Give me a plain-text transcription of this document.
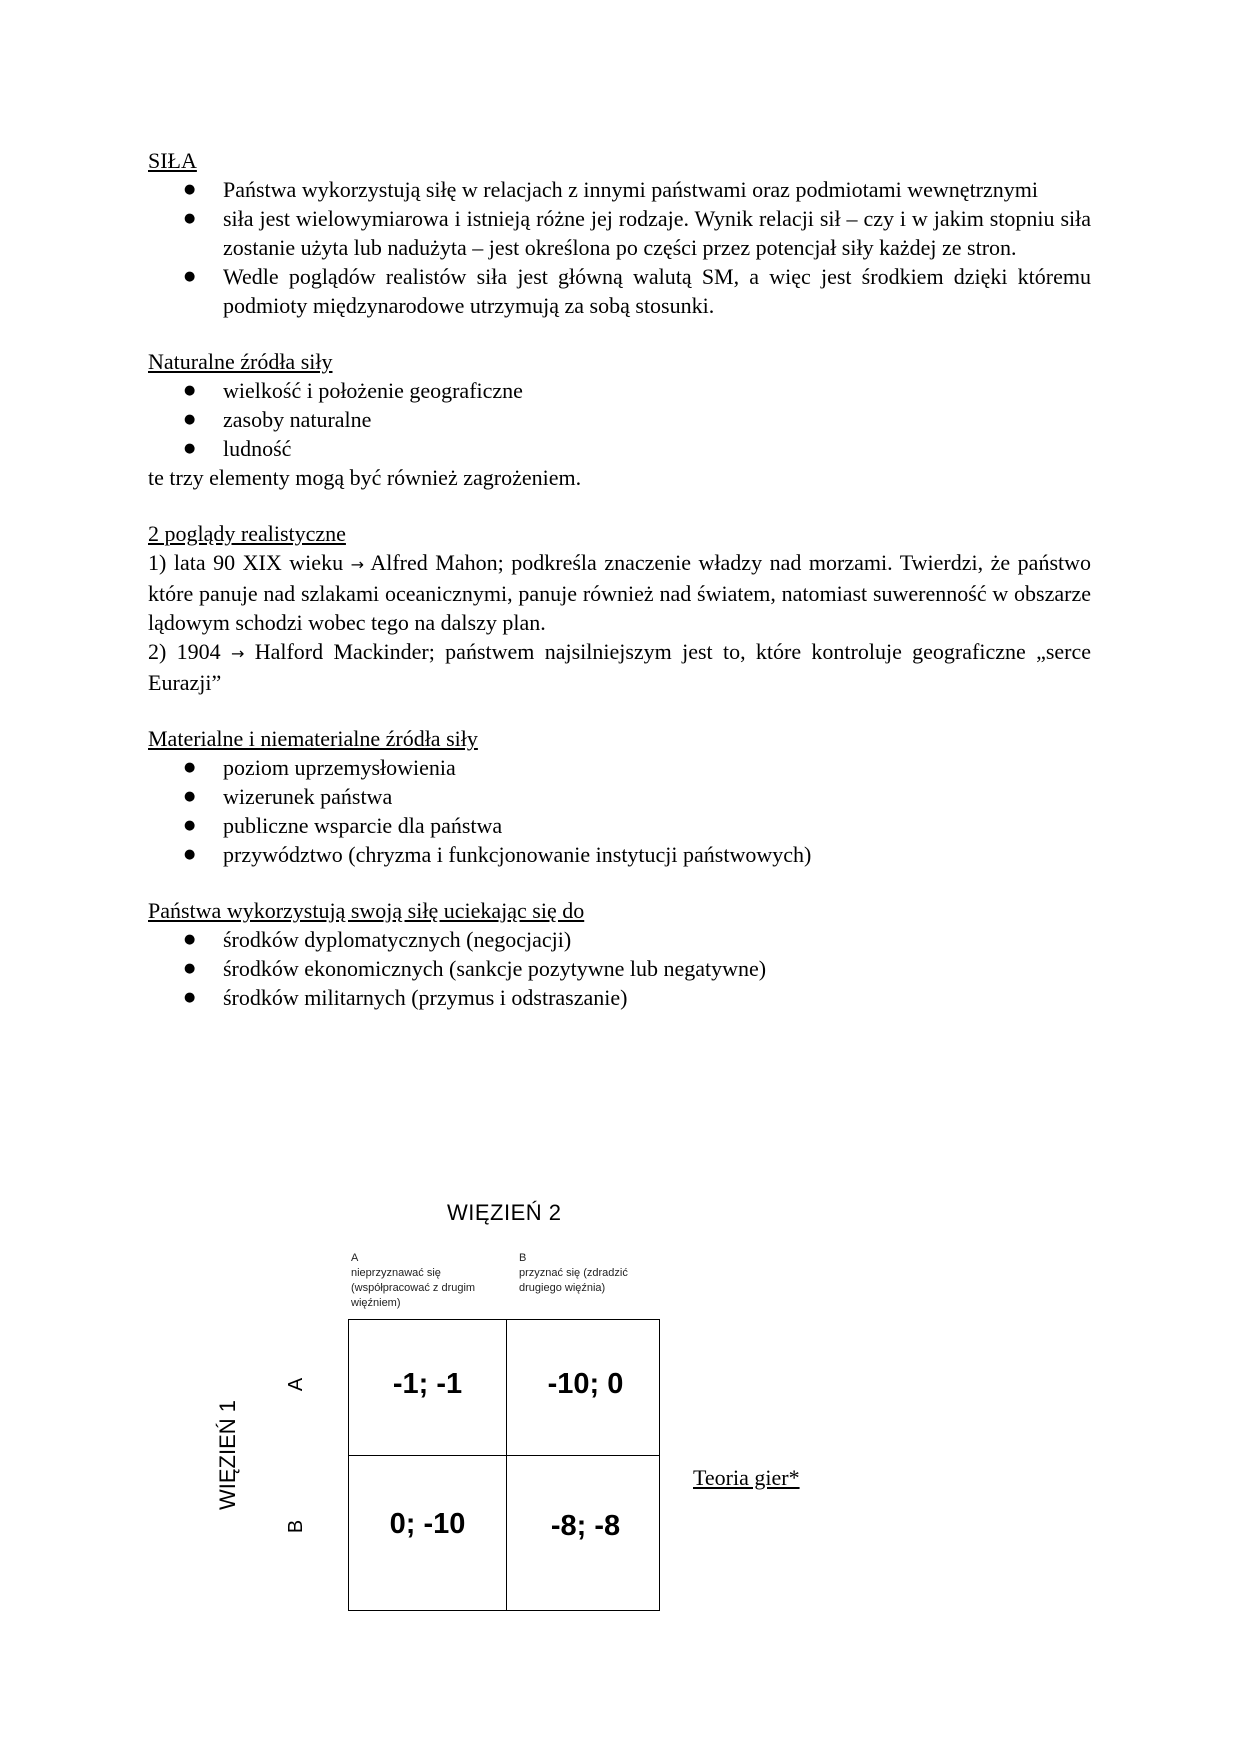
SIŁA
● Państwa wykorzystują siłę w relacjach z innymi państwami oraz podmiotami wewnętrznymi
● siła jest wielowymiarowa i istnieją różne jej rodzaje. Wynik relacji sił – czy i w jakim stopniu siła zostanie użyta lub nadużyta – jest określona po części przez potencjał siły każdej ze stron.
● Wedle poglądów realistów siła jest główną walutą SM, a więc jest środkiem dzięki któremu podmioty międzynarodowe utrzymują za sobą stosunki.
Naturalne źródła siły
● wielkość i położenie geograficzne
● zasoby naturalne
● ludność

te trzy elementy mogą być również zagrożeniem.

2 poglądy realistyczne

1) lata 90 XIX wieku → Alfred Mahon; podkreśla znaczenie władzy nad morzami. Twierdzi, że państwo które panuje nad szlakami oceanicznymi, panuje również nad światem, natomiast suwerenność w obszarze lądowym schodzi wobec tego na dalszy plan.

2) 1904 → Halford Mackinder; państwem najsilniejszym jest to, które kontroluje geograficzne „serce Eurazji”

Materialne i niematerialne źródła siły
● poziom uprzemysłowienia
● wizerunek państwa
● publiczne wsparcie dla państwa
● przywództwo (chryzma i funkcjonowanie instytucji państwowych)
Państwa wykorzystują swoją siłę uciekając się do
● środków dyplomatycznych (negocjacji)
● środków ekonomicznych (sankcje pozytywne lub negatywne)
● środków militarnych (przymus i odstraszanie)
WIĘZIEŃ 2
A
nieprzyznawać się (współpracować z drugim więźniem)
B
przyznać się (zdradzić drugiego więźnia)
-1; -1	-10; 0
0; -10	-8; -8
WIĘZIEŃ 1
A
B
Teoria gier*
